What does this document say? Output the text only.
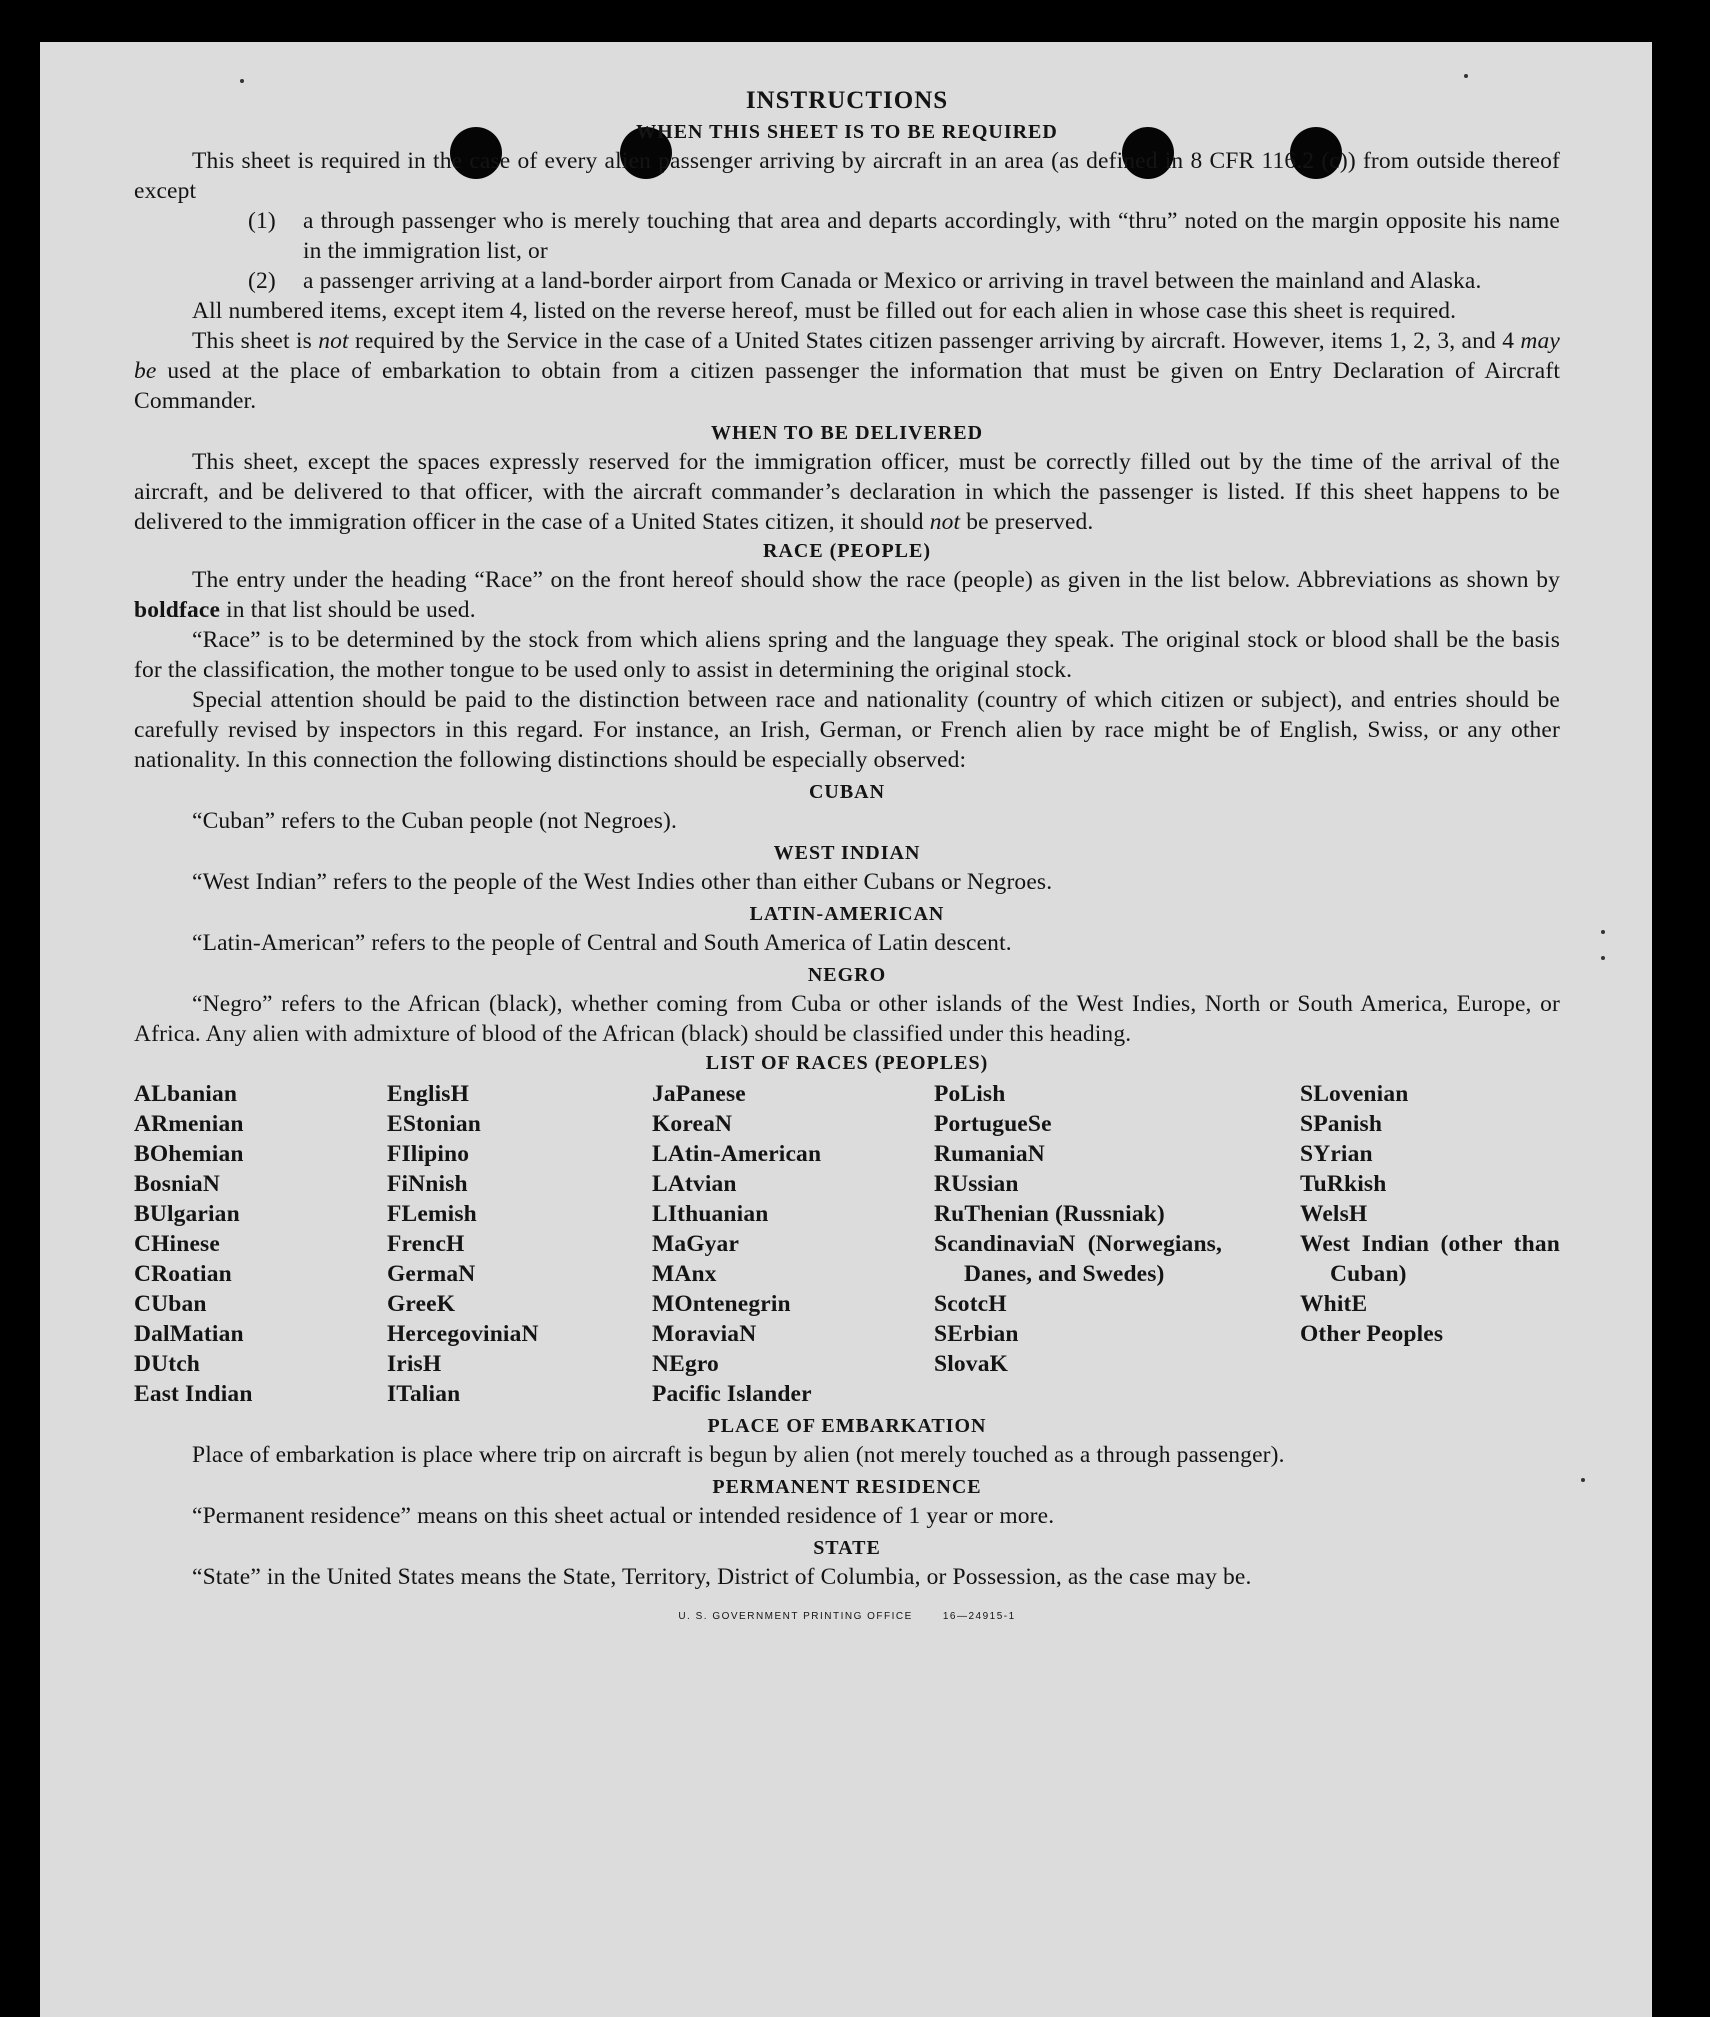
INSTRUCTIONS
WHEN THIS SHEET IS TO BE REQUIRED

This sheet is required in the case of every alien passenger arriving by aircraft in an area (as defined in 8 CFR 116.2 (c)) from outside thereof except

(1)	a through passenger who is merely touching that area and departs accordingly, with “thru” noted on the margin opposite his name in the immigration list, or
(2)	a passenger arriving at a land-border airport from Canada or Mexico or arriving in travel between the mainland and Alaska.

All numbered items, except item 4, listed on the reverse hereof, must be filled out for each alien in whose case this sheet is required.

This sheet is not required by the Service in the case of a United States citizen passenger arriving by aircraft. However, items 1, 2, 3, and 4 may be used at the place of embarkation to obtain from a citizen passenger the information that must be given on Entry Declaration of Aircraft Commander.

WHEN TO BE DELIVERED

This sheet, except the spaces expressly reserved for the immigration officer, must be correctly filled out by the time of the arrival of the aircraft, and be delivered to that officer, with the aircraft commander’s declaration in which the passenger is listed. If this sheet happens to be delivered to the immigration officer in the case of a United States citizen, it should not be preserved.

RACE (PEOPLE)

The entry under the heading “Race” on the front hereof should show the race (people) as given in the list below. Abbreviations as shown by boldface in that list should be used.

“Race” is to be determined by the stock from which aliens spring and the language they speak. The original stock or blood shall be the basis for the classification, the mother tongue to be used only to assist in determining the original stock.

Special attention should be paid to the distinction between race and nationality (country of which citizen or subject), and entries should be carefully revised by inspectors in this regard. For instance, an Irish, German, or French alien by race might be of English, Swiss, or any other nationality. In this connection the following distinctions should be especially observed:

CUBAN

“Cuban” refers to the Cuban people (not Negroes).

WEST INDIAN

“West Indian” refers to the people of the West Indies other than either Cubans or Negroes.

LATIN-AMERICAN

“Latin-American” refers to the people of Central and South America of Latin descent.

NEGRO

“Negro” refers to the African (black), whether coming from Cuba or other islands of the West Indies, North or South America, Europe, or Africa. Any alien with admixture of blood of the African (black) should be classified under this heading.

LIST OF RACES (PEOPLES)
ALbanian
ARmenian
BOhemian
BosniaN
BUlgarian
CHinese
CRoatian
CUban
DalMatian
DUtch
East Indian
EnglisH
EStonian
FIlipino
FiNnish
FLemish
FrencH
GermaN
GreeK
HercegoviniaN
IrisH
ITalian
JaPanese
KoreaN
LAtin-American
LAtvian
LIthuanian
MaGyar
MAnx
MOntenegrin
MoraviaN
NEgro
Pacific Islander
PoLish
PortugueSe
RumaniaN
RUssian
RuThenian (Russniak)
ScandinaviaN (Norwegians, Danes, and Swedes)
ScotcH
SErbian
SlovaK
SLovenian
SPanish
SYrian
TuRkish
WelsH
West Indian (other than Cuban)
WhitE
Other Peoples
PLACE OF EMBARKATION

Place of embarkation is place where trip on aircraft is begun by alien (not merely touched as a through passenger).

PERMANENT RESIDENCE

“Permanent residence” means on this sheet actual or intended residence of 1 year or more.

STATE

“State” in the United States means the State, Territory, District of Columbia, or Possession, as the case may be.

U. S. GOVERNMENT PRINTING OFFICE	16—24915-1
